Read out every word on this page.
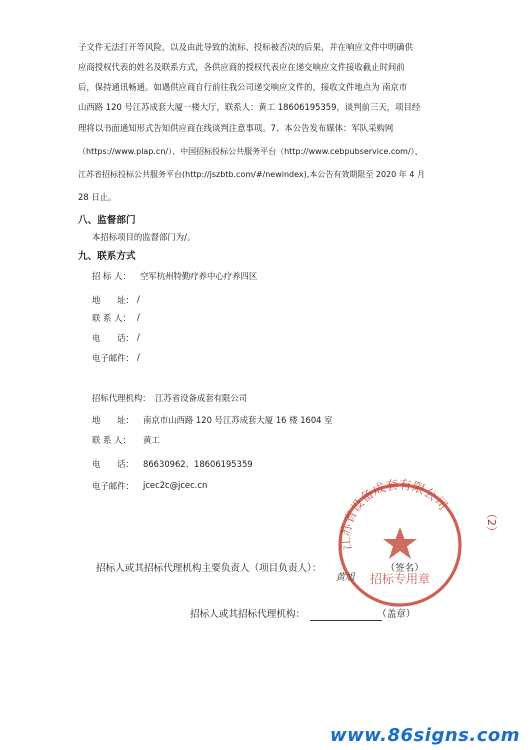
子文件无法打开等风险，以及由此导致的流标、投标被否决的后果，并在响应文件中明确供
应商授权代表的姓名及联系方式，各供应商的授权代表应在递交响应文件接收截止时间前
后，保持通讯畅通。如遇供应商自行前往我公司递交响应文件的，接收文件地点为 南京市
山西路 120 号江苏成套大厦一楼大厅，联系人：黄工 18606195359，谈判前三天，项目经
理将以书面通知形式告知供应商在线谈判注意事项。7、本公告发布媒体：军队采购网
（https://www.plap.cn/）、中国招标投标公共服务平台（http://www.cebpubservice.com/）、
江苏省招标投标公共服务平台(http://jszbtb.com/#/newindex),本公告有效期限至 2020 年 4 月
28 日止。
八、监督部门
本招标项目的监督部门为/。
九、联系方式
招 标 人： 空军杭州特勤疗养中心疗养四区
地　　址： /
联 系 人： /
电　　话： /
电子邮件： /
招标代理机构： 江苏省设备成套有限公司
地　　址： 南京市山西路 120 号江苏成套大厦 16 楼 1604 室
联 系 人： 黄工
电　　话： 86630962、18606195359
电子邮件： jcec2c@jcec.cn
招标人或其招标代理机构主要负责人（项目负责人）：
黄旭
（签名）
招标人或其招标代理机构：	（盖章）
江苏省设备成套有限公司
招标专用章
（2）
www.86signs.com
